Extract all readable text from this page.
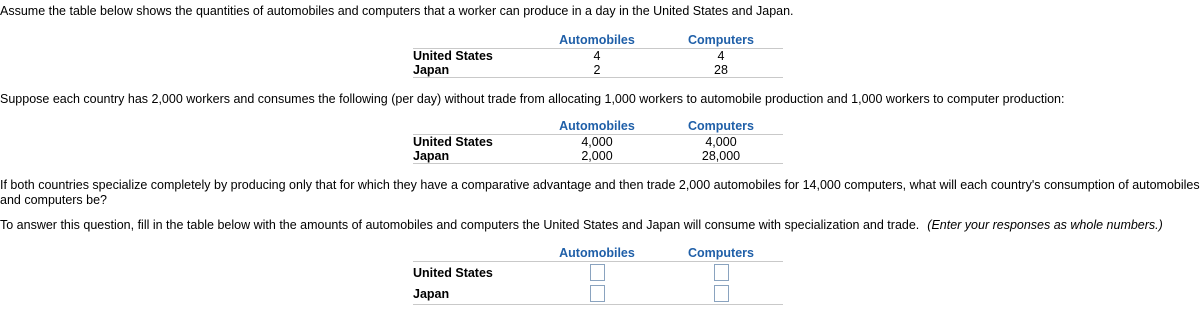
Assume the table below shows the quantities of automobiles and computers that a worker can produce in a day in the United States and Japan.

	Automobiles	Computers
United States	4	4
Japan	2	28

Suppose each country has 2,000 workers and consumes the following (per day) without trade from allocating 1,000 workers to automobile production and 1,000 workers to computer production:

	Automobiles	Computers
United States	4,000	4,000
Japan	2,000	28,000

If both countries specialize completely by producing only that for which they have a comparative advantage and then trade 2,000 automobiles for 14,000 computers, what will each country's consumption of automobiles and computers be?

To answer this question, fill in the table below with the amounts of automobiles and computers the United States and Japan will consume with specialization and trade. (Enter your responses as whole numbers.)

	Automobiles	Computers
United States		
Japan		
